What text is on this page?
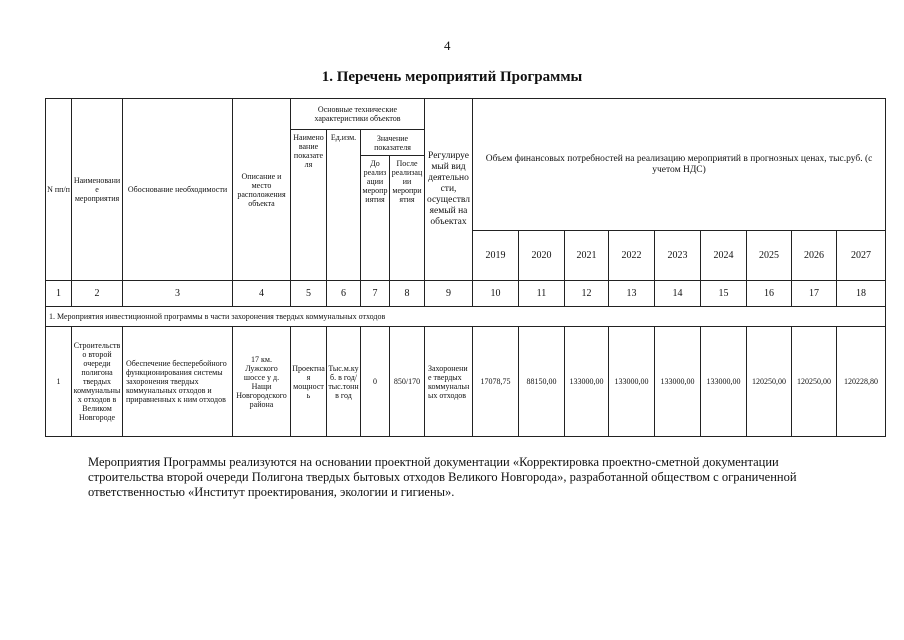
4
1. Перечень мероприятий Программы
N пп/п	Наименование мероприятия	Обоснование необходимости	Описание и место расположения объекта	Основные технические характеристики объектов				Регулируемый вид деятельности, осуществляемый на объектах	Объем финансовых потребностей на реализацию мероприятий в прогнозных ценах, тыс.руб. (с учетом НДС)								
				Наименование показателя	Ед.изм.	Значение показателя											
						До реализации мероприятия	После реализации мероприятия										
									2019	2020	2021	2022	2023	2024	2025	2026	2027
1	2	3	4	5	6	7	8	9	10	11	12	13	14	15	16	17	18
1. Мероприятия инвестиционной программы в части захоронения твердых коммунальных отходов																	
1	Строительство второй очереди полигона твердых коммунальных отходов в Великом Новгороде	Обеспечение бесперебойного функционирования системы захоронения твердых коммунальных отходов и приравненных к ним отходов	17 км. Лужского шоссе у д. Нащи Новгородского района	Проектная мощность	Тыс.м.куб. в год/тыс.тонн в год	0	850/170	Захоронение твердых коммунальных отходов	17078,75	88150,00	133000,00	133000,00	133000,00	133000,00	120250,00	120250,00	120228,80
Мероприятия Программы реализуются на основании проектной документации «Корректировка проектно-сметной документации строительства второй очереди Полигона твердых бытовых отходов Великого Новгорода», разработанной обществом с ограниченной ответственностью «Институт проектирования, экологии и гигиены».
